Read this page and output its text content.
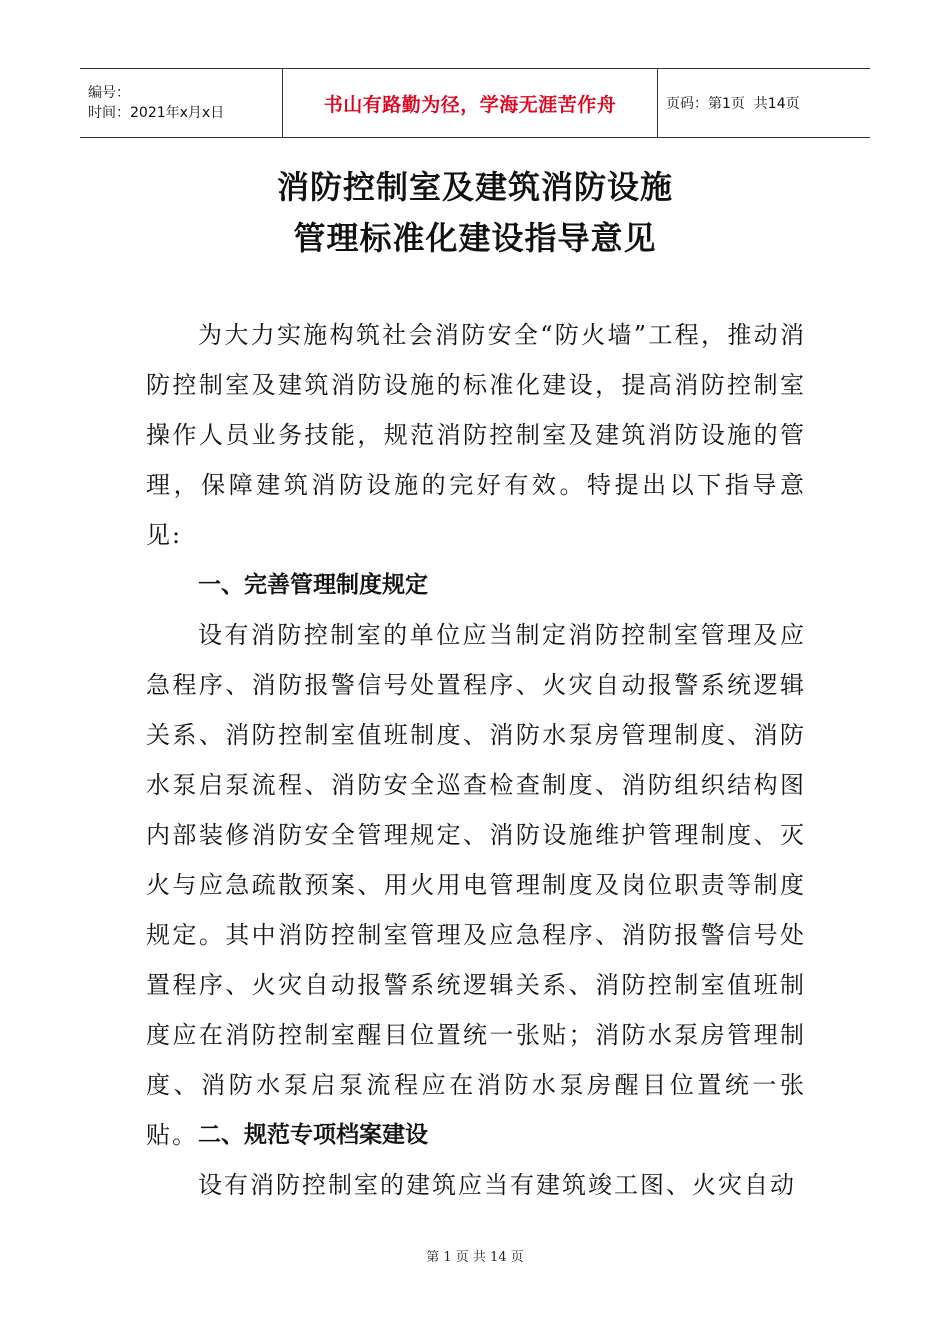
编号：
时间：2021年x月x日	书山有路勤为径，学海无涯苦作舟	页码：第1页  共14页
消防控制室及建筑消防设施
管理标准化建设指导意见

为大力实施构筑社会消防安全“防火墙”工程，推动消防控制室及建筑消防设施的标准化建设，提高消防控制室操作人员业务技能，规范消防控制室及建筑消防设施的管理，保障建筑消防设施的完好有效。特提出以下指导意见:

一、完善管理制度规定

设有消防控制室的单位应当制定消防控制室管理及应急程序、消防报警信号处置程序、火灾自动报警系统逻辑关系、消防控制室值班制度、消防水泵房管理制度、消防水泵启泵流程、消防安全巡查检查制度、消防组织结构图内部装修消防安全管理规定、消防设施维护管理制度、灭火与应急疏散预案、用火用电管理制度及岗位职责等制度规定。其中消防控制室管理及应急程序、消防报警信号处置程序、火灾自动报警系统逻辑关系、消防控制室值班制度应在消防控制室醒目位置统一张贴；消防水泵房管理制度、消防水泵启泵流程应在消防水泵房醒目位置统一张贴。 二、规范专项档案建设

设有消防控制室的建筑应当有建筑竣工图、火灾自动

第 1 页 共 14 页
